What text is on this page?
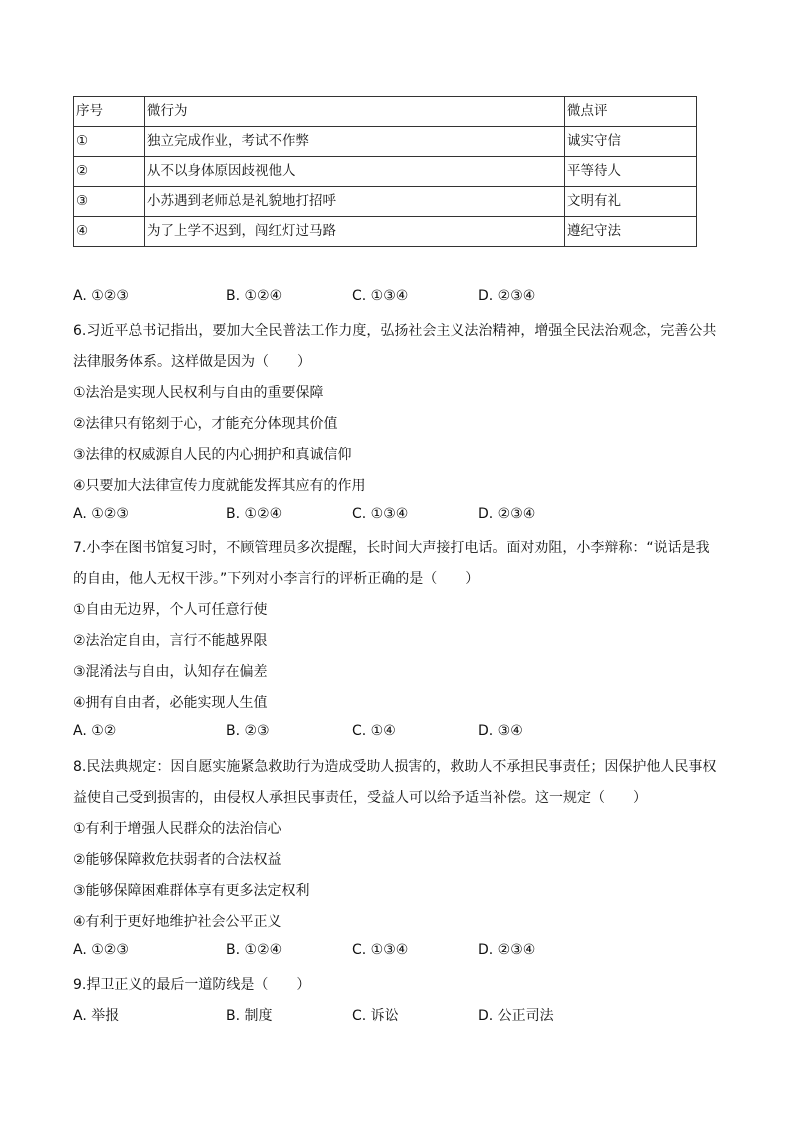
序号	微行为	微点评
①	独立完成作业，考试不作弊	诚实守信
②	从不以身体原因歧视他人	平等待人
③	小苏遇到老师总是礼貌地打招呼	文明有礼
④	为了上学不迟到，闯红灯过马路	遵纪守法
A. ①②③	B. ①②④	C. ①③④	D. ②③④
6.习近平总书记指出，要加大全民普法工作力度，弘扬社会主义法治精神，增强全民法治观念，完善公共
法律服务体系。这样做是因为（　　）
①法治是实现人民权利与自由的重要保障
②法律只有铭刻于心，才能充分体现其价值
③法律的权威源自人民的内心拥护和真诚信仰
④只要加大法律宣传力度就能发挥其应有的作用
A. ①②③	B. ①②④	C. ①③④	D. ②③④
7.小李在图书馆复习时，不顾管理员多次提醒，长时间大声接打电话。面对劝阻，小李辩称：“说话是我
的自由，他人无权干涉。”下列对小李言行的评析正确的是（　　）
①自由无边界，个人可任意行使
②法治定自由，言行不能越界限
③混淆法与自由，认知存在偏差
④拥有自由者，必能实现人生值
A. ①②	B. ②③	C. ①④	D. ③④
8.民法典规定：因自愿实施紧急救助行为造成受助人损害的，救助人不承担民事责任；因保护他人民事权
益使自己受到损害的，由侵权人承担民事责任，受益人可以给予适当补偿。这一规定（　　）
①有利于增强人民群众的法治信心
②能够保障救危扶弱者的合法权益
③能够保障困难群体享有更多法定权利
④有利于更好地维护社会公平正义
A. ①②③	B. ①②④	C. ①③④	D. ②③④
9.捍卫正义的最后一道防线是（　　）
A. 举报	B. 制度	C. 诉讼	D. 公正司法
